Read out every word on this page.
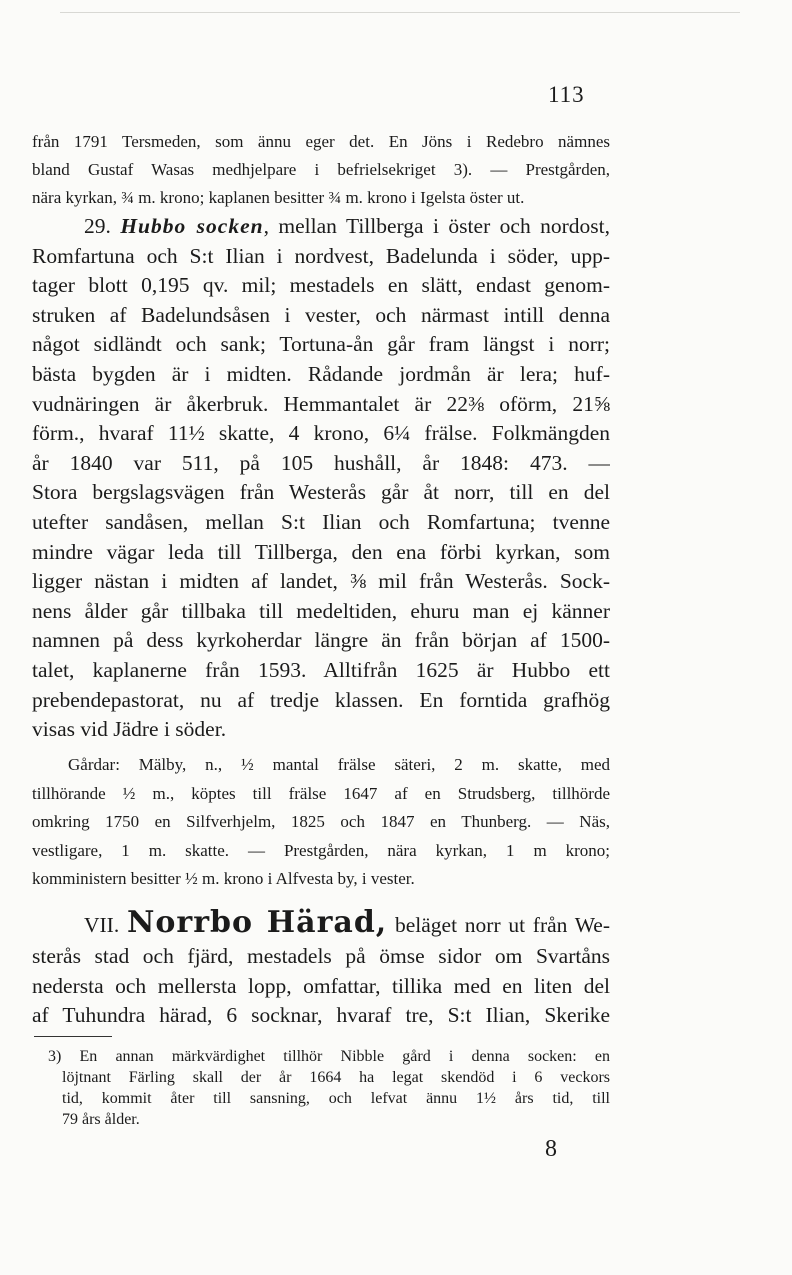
113
från 1791 Tersmeden, som ännu eger det. En Jöns i Redebro nämnes
bland Gustaf Wasas medhjelpare i befrielsekriget 3). — Prestgården,
nära kyrkan, ¾ m. krono; kaplanen besitter ¾ m. krono i Igelsta öster ut.
29. Hubbo socken, mellan Tillberga i öster och nordost,
Romfartuna och S:t Ilian i nordvest, Badelunda i söder, upp-
tager blott 0,195 qv. mil; mestadels en slätt, endast genom-
struken af Badelundsåsen i vester, och närmast intill denna
något sidländt och sank; Tortuna-ån går fram längst i norr;
bästa bygden är i midten. Rådande jordmån är lera; huf-
vudnäringen är åkerbruk. Hemmantalet är 22⅜ oförm, 21⅝
förm., hvaraf 11½ skatte, 4 krono, 6¼ frälse. Folkmängden
år 1840 var 511, på 105 hushåll, år 1848: 473. —
Stora bergslagsvägen från Westerås går åt norr, till en del
utefter sandåsen, mellan S:t Ilian och Romfartuna; tvenne
mindre vägar leda till Tillberga, den ena förbi kyrkan, som
ligger nästan i midten af landet, ⅜ mil från Westerås. Sock-
nens ålder går tillbaka till medeltiden, ehuru man ej känner
namnen på dess kyrkoherdar längre än från början af 1500-
talet, kaplanerne från 1593. Alltifrån 1625 är Hubbo ett
prebendepastorat, nu af tredje klassen. En forntida grafhög
visas vid Jädre i söder.
Gårdar: Mälby, n., ½ mantal frälse säteri, 2 m. skatte, med
tillhörande ½ m., köptes till frälse 1647 af en Strudsberg, tillhörde
omkring 1750 en Silfverhjelm, 1825 och 1847 en Thunberg. — Näs,
vestligare, 1 m. skatte. — Prestgården, nära kyrkan, 1 m krono;
komministern besitter ½ m. krono i Alfvesta by, i vester.
VII. Norrbo Härad, beläget norr ut från We-
sterås stad och fjärd, mestadels på ömse sidor om Svartåns
nedersta och mellersta lopp, omfattar, tillika med en liten del
af Tuhundra härad, 6 socknar, hvaraf tre, S:t Ilian, Skerike
3) En annan märkvärdighet tillhör Nibble gård i denna socken: en
löjtnant Färling skall der år 1664 ha legat skendöd i 6 veckors
tid, kommit åter till sansning, och lefvat ännu 1½ års tid, till
79 års ålder.
8
